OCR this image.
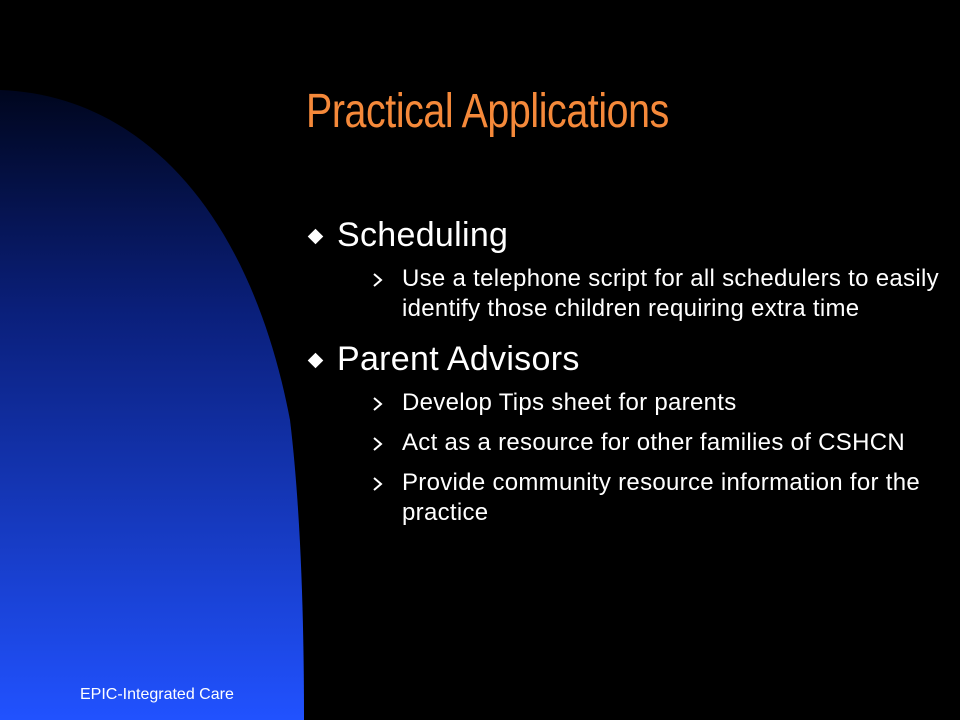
Practical Applications
Scheduling
Use a telephone script for all schedulers to easily identify those children requiring extra time
Parent Advisors
Develop Tips sheet for parents
Act as a resource for other families of CSHCN
Provide community resource information for the practice
EPIC-Integrated Care
